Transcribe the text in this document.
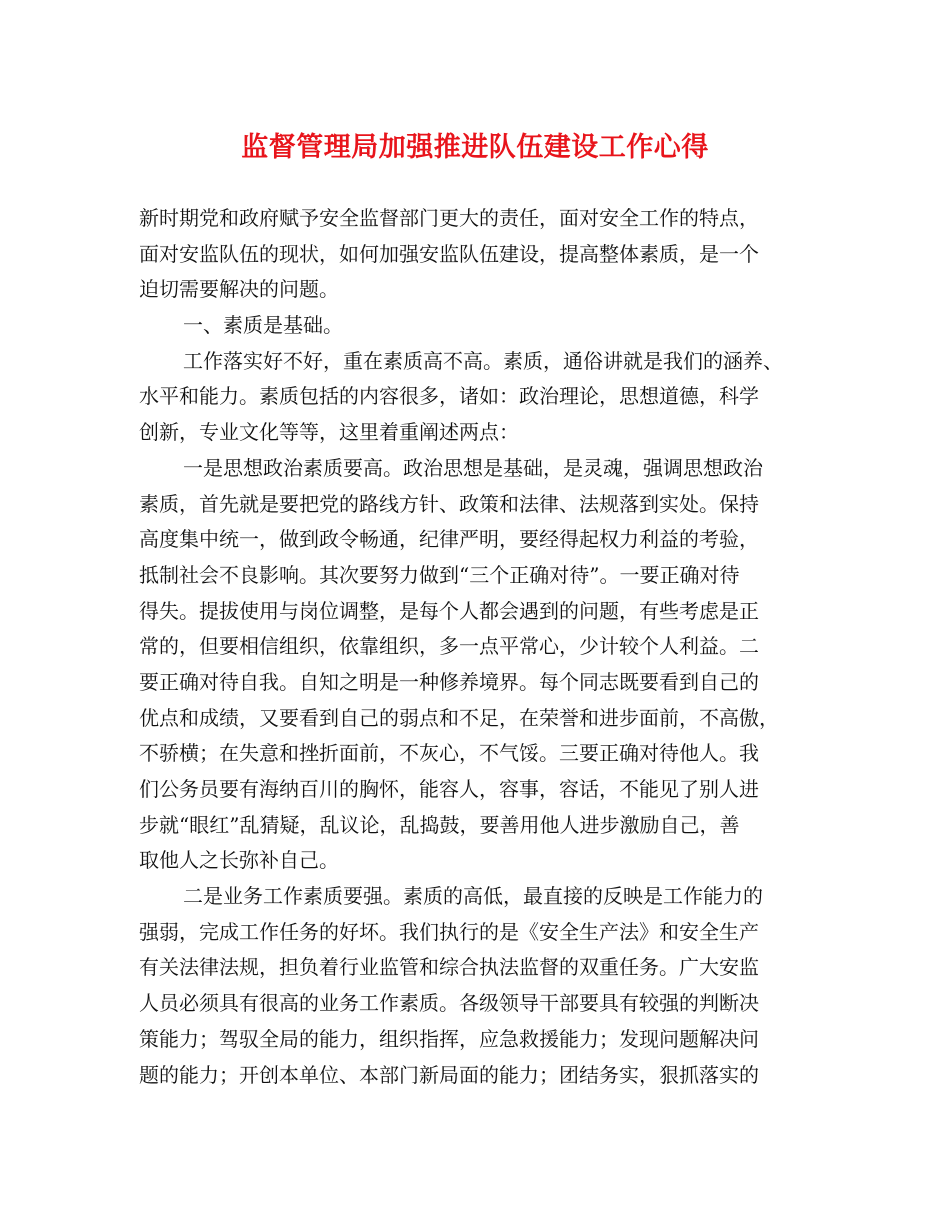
监督管理局加强推进队伍建设工作心得
新时期党和政府赋予安全监督部门更大的责任，面对安全工作的特点，
面对安监队伍的现状，如何加强安监队伍建设，提高整体素质，是一个
迫切需要解决的问题。
一、素质是基础。
工作落实好不好，重在素质高不高。素质，通俗讲就是我们的涵养、
水平和能力。素质包括的内容很多，诸如：政治理论，思想道德，科学
创新，专业文化等等，这里着重阐述两点：
一是思想政治素质要高。政治思想是基础，是灵魂，强调思想政治
素质，首先就是要把党的路线方针、政策和法律、法规落到实处。保持
高度集中统一，做到政令畅通，纪律严明，要经得起权力利益的考验，
抵制社会不良影响。其次要努力做到“三个正确对待”。一要正确对待
得失。提拔使用与岗位调整，是每个人都会遇到的问题，有些考虑是正
常的，但要相信组织，依靠组织，多一点平常心，少计较个人利益。二
要正确对待自我。自知之明是一种修养境界。每个同志既要看到自己的
优点和成绩，又要看到自己的弱点和不足，在荣誉和进步面前，不高傲，
不骄横；在失意和挫折面前，不灰心，不气馁。三要正确对待他人。我
们公务员要有海纳百川的胸怀，能容人，容事，容话，不能见了别人进
步就“眼红”乱猜疑，乱议论，乱捣鼓，要善用他人进步激励自己，善
取他人之长弥补自己。
二是业务工作素质要强。素质的高低，最直接的反映是工作能力的
强弱，完成工作任务的好坏。我们执行的是《安全生产法》和安全生产
有关法律法规，担负着行业监管和综合执法监督的双重任务。广大安监
人员必须具有很高的业务工作素质。各级领导干部要具有较强的判断决
策能力；驾驭全局的能力，组织指挥，应急救援能力；发现问题解决问
题的能力；开创本单位、本部门新局面的能力；团结务实，狠抓落实的
